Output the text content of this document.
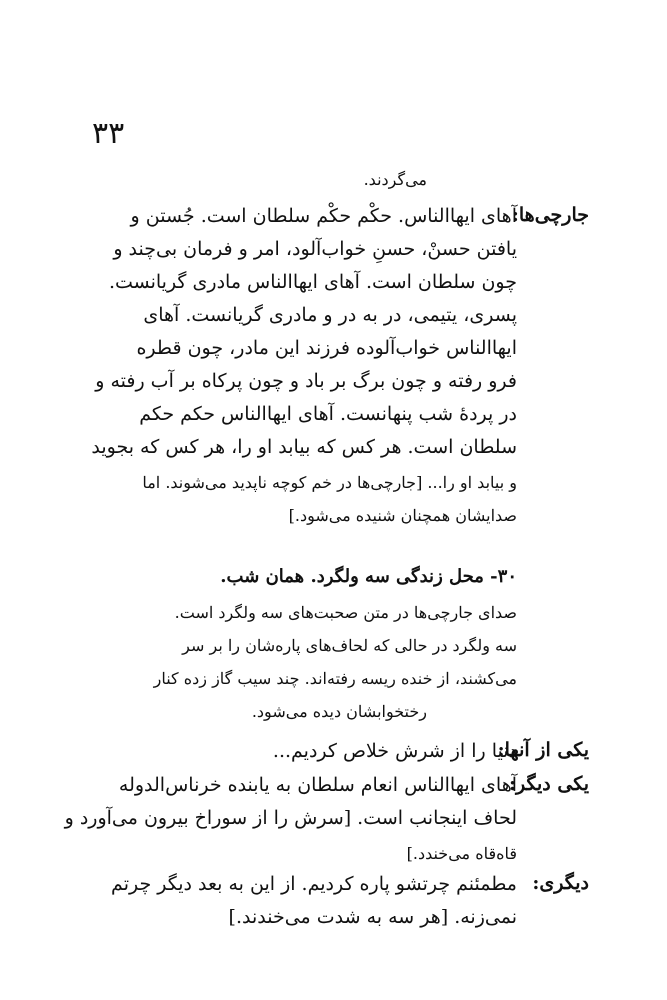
۳۳
می‌گردند.
جارچی‌ها:
آهای ایهاالناس. حکْم حکْم سلطان است. جُستن و
یافتن حسنْ، حسنِ خواب‌آلود، امر و فرمان بی‌چند و
چون سلطان است. آهای ایهاالناس مادری گریانست.
پسری، یتیمی، در به در و مادری گریانست. آهای
ایهاالناس خواب‌آلوده فرزند این مادر، چون قطره
فرو رفته و چون برگ بر باد و چون پرکاه بر آب رفته و
در پردهٔ شب پنهانست. آهای ایهاالناس حکم حکم
سلطان است. هر کس که بیابد او را، هر کس که بجوید
و بیابد او را... [جارچی‌ها در خم کوچه ناپدید می‌شوند. اما
صدایشان همچنان شنیده می‌شود.]
۳۰- محل زندگی سه ولگرد. همان شب.
صدای جارچی‌ها در متن صحبت‌های سه ولگرد است.
سه ولگرد در حالی که لحاف‌های پاره‌شان را بر سر
می‌کشند، از خنده ریسه رفته‌اند. چند سیب گاز زده کنار
رختخوابشان دیده می‌شود.
یکی از آنها:
دنیا را از شرش خلاص کردیم...
یکی دیگر:
آهای ایهاالناس انعام سلطان به یابنده خرناس‌الدوله
لحاف اینجانب است. [سرش را از سوراخ بیرون می‌آورد و
قاه‌قاه می‌خندد.]
دیگری:
مطمئنم چرتشو پاره کردیم. از این به بعد دیگر چرتم
نمی‌زنه. [هر سه به شدت می‌خندند.]
